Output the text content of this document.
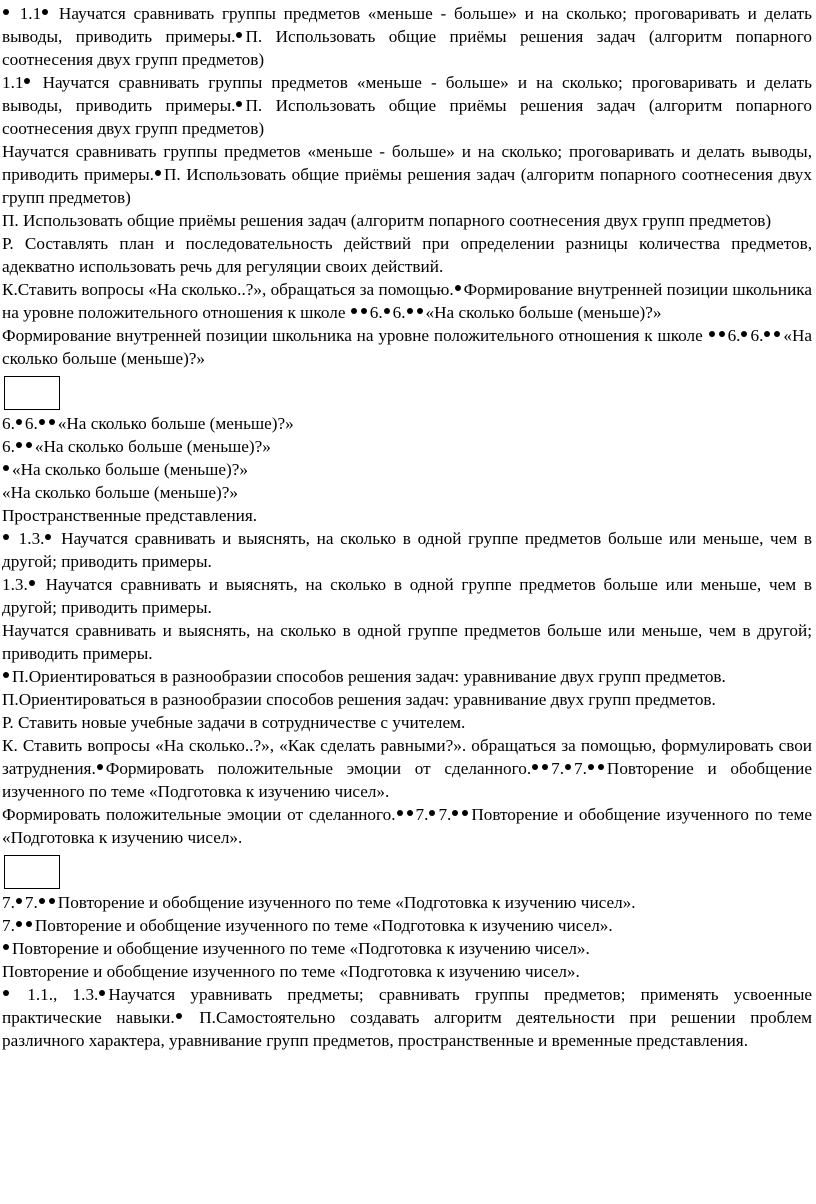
1.1 Научатся сравнивать группы предметов «меньше - больше» и на сколько; проговаривать и делать выводы, приводить примеры. П. Использовать общие приёмы решения задач (алгоритм попарного соотнесения двух групп предметов)

1.1 Научатся сравнивать группы предметов «меньше - больше» и на сколько; проговаривать и делать выводы, приводить примеры. П. Использовать общие приёмы решения задач (алгоритм попарного соотнесения двух групп предметов)

Научатся сравнивать группы предметов «меньше - больше» и на сколько; проговаривать и делать выводы, приводить примеры. П. Использовать общие приёмы решения задач (алгоритм попарного соотнесения двух групп предметов)

П. Использовать общие приёмы решения задач (алгоритм попарного соотнесения двух групп предметов)

Р. Составлять план и последовательность действий при определении разницы количества предметов, адекватно использовать речь для регуляции своих действий.

К.Ставить вопросы «На сколько..?», обращаться за помощью. Формирование внутренней позиции школьника на уровне положительного отношения к школе 6. 6. «На сколько больше (меньше)?»

Формирование внутренней позиции школьника на уровне положительного отношения к школе 6. 6. «На сколько больше (меньше)?»

6. 6. «На сколько больше (меньше)?»

6. «На сколько больше (меньше)?»

«На сколько больше (меньше)?»

«На сколько больше (меньше)?»

Пространственные представления.

1.3. Научатся сравнивать и выяснять, на сколько в одной группе предметов больше или меньше, чем в другой; приводить примеры.

1.3. Научатся сравнивать и выяснять, на сколько в одной группе предметов больше или меньше, чем в другой; приводить примеры.

Научатся сравнивать и выяснять, на сколько в одной группе предметов больше или меньше, чем в другой; приводить примеры.

П.Ориентироваться в разнообразии способов решения задач: уравнивание двух групп предметов.

П.Ориентироваться в разнообразии способов решения задач: уравнивание двух групп предметов.

Р. Ставить новые учебные задачи в сотрудничестве с учителем.

К. Ставить вопросы «На сколько..?», «Как сделать равными?». обращаться за помощью, формулировать свои затруднения. Формировать положительные эмоции от сделанного. 7. 7. Повторение и обобщение изученного по теме «Подготовка к изучению чисел».

Формировать положительные эмоции от сделанного. 7. 7. Повторение и обобщение изученного по теме «Подготовка к изучению чисел».

7. 7. Повторение и обобщение изученного по теме «Подготовка к изучению чисел».

7. Повторение и обобщение изученного по теме «Подготовка к изучению чисел».

Повторение и обобщение изученного по теме «Подготовка к изучению чисел».

Повторение и обобщение изученного по теме «Подготовка к изучению чисел».

1.1., 1.3. Научатся уравнивать предметы; сравнивать группы предметов; применять усвоенные практические навыки. П.Самостоятельно создавать алгоритм деятельности при решении проблем различного характера, уравнивание групп предметов, пространственные и временные представления.
